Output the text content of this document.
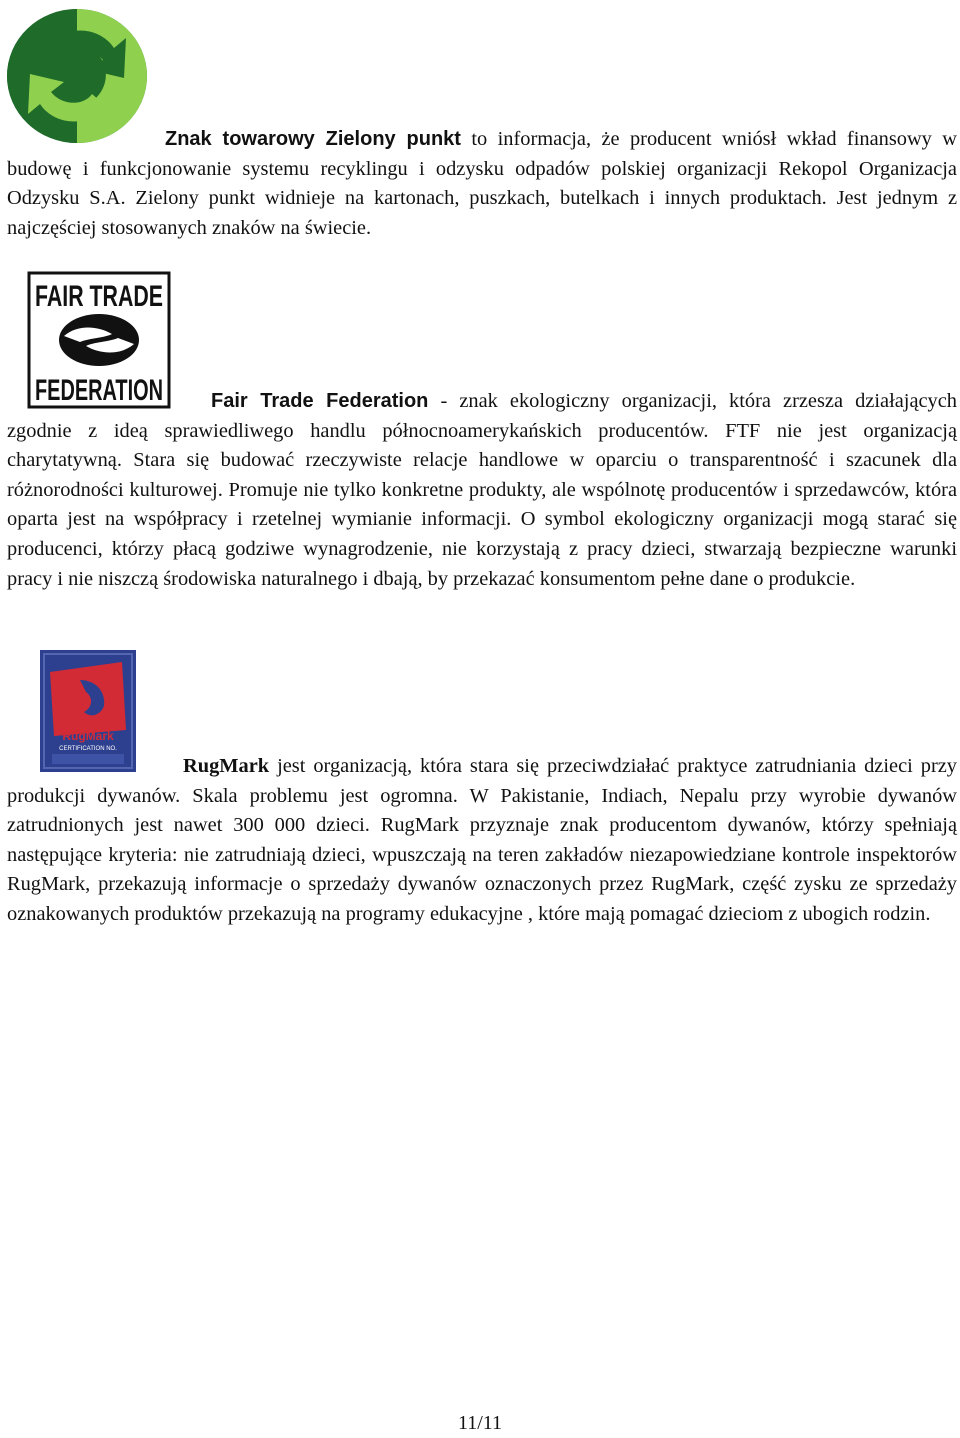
Znak towarowy Zielony punkt to informacja, że producent wniósł wkład finansowy w budowę i funkcjonowanie systemu recyklingu i odzysku odpadów polskiej organizacji Rekopol Organizacja Odzysku S.A. Zielony punkt widnieje na kartonach, puszkach, butelkach i innych produktach. Jest jednym z najczęściej stosowanych znaków na świecie.

FAIR TRADE
FEDERATION	Fair Trade Federation - znak ekologiczny organizacji, która zrzesza działających zgodnie z ideą sprawiedliwego handlu północnoamerykańskich producentów. FTF nie jest organizacją charytatywną. Stara się budować rzeczywiste relacje handlowe w oparciu o transparentność i szacunek dla różnorodności kulturowej. Promuje nie tylko konkretne produkty, ale wspólnotę producentów i sprzedawców, która oparta jest na współpracy i rzetelnej wymianie informacji. O symbol ekologiczny organizacji mogą starać się producenci, którzy płacą godziwe wynagrodzenie, nie korzystają z pracy dzieci, stwarzają bezpieczne warunki pracy i nie niszczą środowiska naturalnego i dbają, by przekazać konsumentom pełne dane o produkcie.

RugMark
CERTIFICATION NO.

RugMark jest organizacją, która stara się przeciwdziałać praktyce zatrudniania dzieci przy produkcji dywanów. Skala problemu jest ogromna. W Pakistanie, Indiach, Nepalu przy wyrobie dywanów zatrudnionych jest nawet 300 000 dzieci. RugMark przyznaje znak producentom dywanów, którzy spełniają następujące kryteria: nie zatrudniają dzieci, wpuszczają na teren zakładów niezapowiedziane kontrole inspektorów RugMark, przekazują informacje o sprzedaży dywanów oznaczonych przez RugMark, część zysku ze sprzedaży oznakowanych produktów przekazują na programy edukacyjne , które mają pomagać dzieciom z ubogich rodzin.

11/11
